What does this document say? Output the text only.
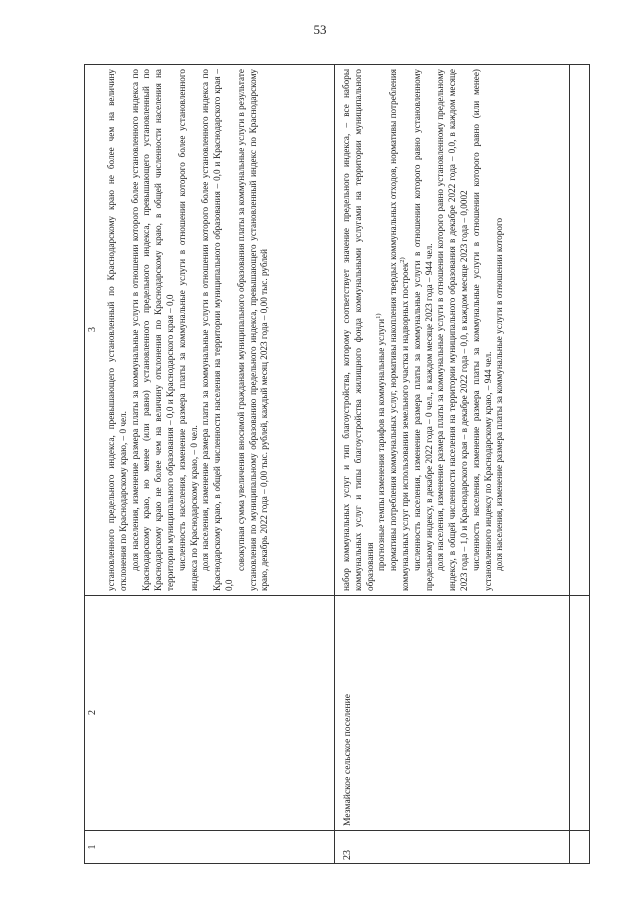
53
1
2
3 установленного предельного индекса, превышающего установленный по Краснодарскому краю не более чем на величину отклонения по Краснодарскому краю, – 0 чел. доля населения, изменение размера платы за коммунальные услуги в отношении которого более установленного индекса по Краснодарскому краю, но менее (или равно) установленного предельного индекса, превышающего установленный по Краснодарскому краю не более чем на величину отклонения по Краснодарскому краю, в общей численности населения на территории муниципального образования – 0,0 и Краснодарского края – 0,0 численность населения, изменение размера платы за коммунальные услуги в отношении которого более установленного индекса по Краснодарскому краю, – 0 чел. доля населения, изменение размера платы за коммунальные услуги в отношении которого более установленного индекса по Краснодарскому краю, в общей численности населения на территории муниципального образования – 0,0 и Краснодарского края – 0,0

совокупная сумма увеличения вносимой гражданами муниципального образования платы за коммунальные услуги в результате установления по муниципальному образованию предельного индекса, превышающего установленный индекс по Краснодарскому краю, декабрь 2022 года – 0,00 тыс. рублей, каждый месяц 2023 года – 0,00 тыс. рублей

23
Мезмайское сельское поселение

набор коммунальных услуг и тип благоустройства, которому соответствует значение предельного индекса, – все наборы коммунальных услуг и типы благоустройства жилищного фонда коммунальными услугами на территории муниципального образования прогнозные темпы изменения тарифов на коммунальные услуги$^{1)}$ нормативы потребления коммунальных услуг, нормативы накопления твердых коммунальных отходов, нормативы потребления коммунальных услуг при использовании земельного участка и надворных построек$^{2)}$ численность населения, изменение размера платы за коммунальные услуги в отношении которого равно установленному предельному индексу, в декабре 2022 года – 0 чел., в каждом месяце 2023 года – 944 чел. доля населения, изменение размера платы за коммунальные услуги в отношении которого равно установленному предельному индексу, в общей численности населения на территории муниципального образования в декабре 2022 года – 0,0, в каждом месяце 2023 года – 1,0 и Краснодарского края – в декабре 2022 года – 0,0, в каждом месяце 2023 года – 0,0002 численность населения, изменение размера платы за коммунальные услуги в отношении которого равно (или менее) установленного индексу по Краснодарскому краю, – 944 чел. доля населения, изменение размера платы за коммунальные услуги в отношении которого
